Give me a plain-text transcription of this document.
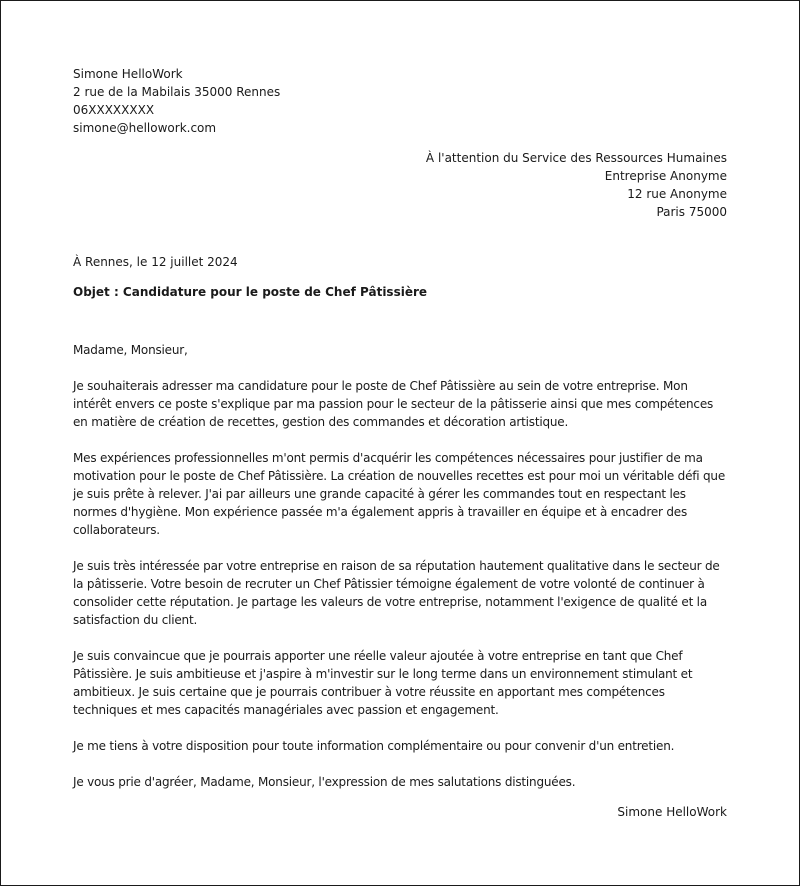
Simone HelloWork
2 rue de la Mabilais 35000 Rennes
06XXXXXXXX
simone@hellowork.com
À l'attention du Service des Ressources Humaines
Entreprise Anonyme
12 rue Anonyme
Paris 75000
À Rennes, le 12 juillet 2024
Objet : Candidature pour le poste de Chef Pâtissière

Madame, Monsieur,

Je souhaiterais adresser ma candidature pour le poste de Chef Pâtissière au sein de votre entreprise. Mon intérêt envers ce poste s'explique par ma passion pour le secteur de la pâtisserie ainsi que mes compétences en matière de création de recettes, gestion des commandes et décoration artistique.

Mes expériences professionnelles m'ont permis d'acquérir les compétences nécessaires pour justifier de ma motivation pour le poste de Chef Pâtissière. La création de nouvelles recettes est pour moi un véritable défi que je suis prête à relever. J'ai par ailleurs une grande capacité à gérer les commandes tout en respectant les normes d'hygiène. Mon expérience passée m'a également appris à travailler en équipe et à encadrer des collaborateurs.

Je suis très intéressée par votre entreprise en raison de sa réputation hautement qualitative dans le secteur de la pâtisserie. Votre besoin de recruter un Chef Pâtissier témoigne également de votre volonté de continuer à consolider cette réputation. Je partage les valeurs de votre entreprise, notamment l'exigence de qualité et la satisfaction du client.

Je suis convaincue que je pourrais apporter une réelle valeur ajoutée à votre entreprise en tant que Chef Pâtissière. Je suis ambitieuse et j'aspire à m'investir sur le long terme dans un environnement stimulant et ambitieux. Je suis certaine que je pourrais contribuer à votre réussite en apportant mes compétences techniques et mes capacités managériales avec passion et engagement.

Je me tiens à votre disposition pour toute information complémentaire ou pour convenir d'un entretien.

Je vous prie d'agréer, Madame, Monsieur, l'expression de mes salutations distinguées.

Simone HelloWork
